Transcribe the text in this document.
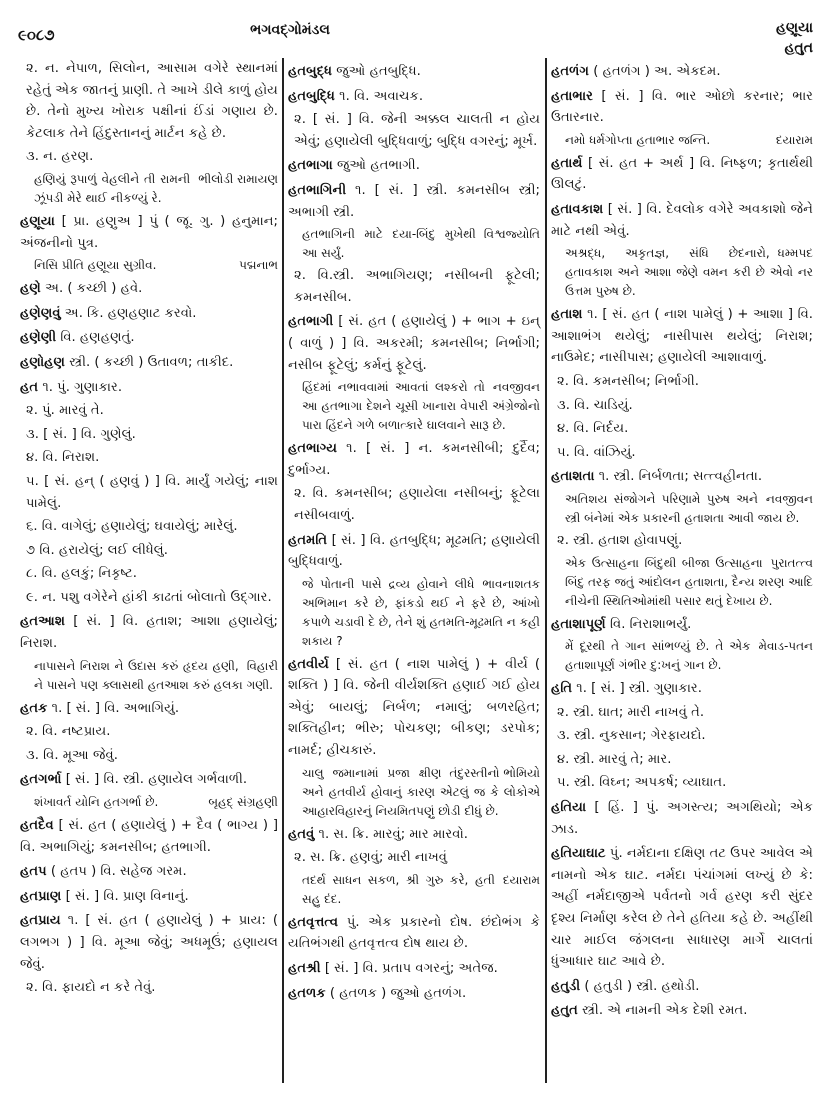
૯૦૮૭	ભગવદ્ગોમંડલ	હણૂયા
હતુત
૨. ન. નેપાળ, સિલોન, આસામ વગેરે સ્થાનમાં રહેતું એક જાતનું પ્રાણી. તે આખે ડીલે કાળું હોય છે. તેનો મુખ્ય ખોરાક પક્ષીનાં ઈંડાં ગણાય છે. કેટલાક તેને હિંદુસ્તાનનું માર્ટન કહે છે.
૩. ન. હરણ.
ભીલોડી રામાયણ
હણિયું રૂપાળું વેહલીને તી રામની ઝૂંપડી મેરે થાઈ નીકળ્યું રે.
હણૂયા [ પ્રા. હણુઅ ] પું ( જૂ. ગુ. ) હનુમાન; અંજનીનો પુત્ર.
પદ્મનાભ
નિસિ પ્રીતિ હણૂયા સુગ્રીવ.
હણે અ. ( કચ્છી ) હવે.
હણેણવું અ. કિ. હણહણાટ કરવો.
હણેણી વિ. હણહણતું.
હણોહણ સ્ત્રી. ( કચ્છી ) ઉતાવળ; તાકીદ.
હત ૧. પું. ગુણાકાર.
૨. પું. મારવું તે.
૩. [ સં. ] વિ. ગુણેલું.
૪. વિ. નિરાશ.
૫. [ સં. હન્ ( હણવું ) ] વિ. માર્યું ગયેલું; નાશ પામેલું.
૬. વિ. વાગેલું; હણાયેલું; ઘવાયેલું; મારેલું.
૭ વિ. હરાયેલું; લઈ લીધેલું.
૮. વિ. હલકું; નિકૃષ્ટ.
૯. ન. પશુ વગેરેને હાંકી કાઢતાં બોલાતો ઉદ્ગાર.
હતઆશ [ સં. ] વિ. હતાશ; આશા હણાયેલું; નિરાશ.
વિહારી
નાપાસને નિરાશ ને ઉદાસ કરું હૃદય હણી, ને પાસને પણ ક્લાસથી હતઆશ કરું હલકા ગણી.
હતક ૧. [ સં. ] વિ. અભાગિયું.
૨. વિ. નષ્ટપ્રાય.
૩. વિ. મૂઆ જેવું.
હતગર્ભા [ સં. ] વિ. સ્ત્રી. હણાયેલ ગર્ભવાળી.
બૃહદ્ સંગ્રહણી
શંખાવર્ત યોનિ હતગર્ભા છે.
હતદૈવ [ સં. હત ( હણાયેલું ) + દૈવ ( ભાગ્ય ) ] વિ. અભાગિયું; કમનસીબ; હતભાગી.
હતપ ( હતપ ) વિ. સહેજ ગરમ.
હતપ્રાણ [ સં. ] વિ. પ્રાણ વિનાનું.
હતપ્રાય ૧. [ સં. હત ( હણાયેલું ) + પ્રાય: ( લગભગ ) ] વિ. મૂઆ જેવું; અધમૂઉં; હણાયલ જેવું.
૨. વિ. ફાયદો ન કરે તેવું.
હતબુદ્ધ જુઓ હતબુદ્ધિ.
હતબુદ્ધિ ૧. વિ. અવાચક.
૨. [ સં. ] વિ. જેની અક્કલ ચાલતી ન હોય એવું; હણાયેલી બુદ્ધિવાળું; બુદ્ધિ વગરનું; મૂર્ખ.
હતભાગા જુઓ હતભાગી.
હતભાગિની ૧. [ સં. ] સ્ત્રી. કમનસીબ સ્ત્રી; અભાગી સ્ત્રી.
વિશ્વજ્યોતિ
હતભાગિની માટે દયા-બિંદુ મુખેથી આ સર્યું.
૨. વિ.સ્ત્રી. અભાગિયણ; નસીબની ફૂટેલી; કમનસીબ.
હતભાગી [ સં. હત ( હણાયેલું ) + ભાગ + ઇન્ ( વાળું ) ] વિ. અકરમી; કમનસીબ; નિર્ભાગી; નસીબ ફૂટેલું; કર્મનું ફૂટેલું.
નવજીવન
હિંદમાં નભાવવામાં આવતાં લશ્કરો તો આ હતભાગા દેશને ચૂસી ખાનારા વેપારી અંગ્રેજોનો પારા હિંદને ગળે બળાત્કારે ઘાલવાને સારૂ છે.
હતભાગ્ય ૧. [ સં. ] ન. કમનસીબી; દુર્દૈવ; દુર્ભાગ્ય.
૨. વિ. કમનસીબ; હણાયેલા નસીબનું; ફૂટેલા નસીબવાળું.
હતમતિ [ સં. ] વિ. હતબુદ્ધિ; મૂઢમતિ; હણાયેલી બુદ્ધિવાળું.
ભાવનાશતક
જે પોતાની પાસે દ્રવ્ય હોવાને લીધે અભિમાન કરે છે, ફાંકડો થઈ ને ફરે છે, આંખો કપાળે ચડાવી દે છે, તેને શું હતમતિ-મૂઢમતિ ન કહી શકાય ?
હતવીર્ય [ સં. હત ( નાશ પામેલું ) + વીર્ય ( શક્તિ ) ] વિ. જેની વીર્યશક્તિ હણાઈ ગઈ હોય એવું; બાયલું; નિર્બળ; નમાલું; બળરહિત; શક્તિહીન; ભીરુ; પોચકણ; બીકણ; ડરપોક; નામર્દ; હીચકારું.
તંદુરસ્તીનો ભોમિયો
ચાલુ જમાનામાં પ્રજા ક્ષીણ અને હતવીર્ય હોવાનું કારણ એટલું જ કે લોકોએ આહારવિહારનું નિયમિતપણું છોડી દીધું છે.
હતવું ૧. સ. ક્રિ. મારવું; માર મારવો.
૨. સ. ક્રિ. હણવું; મારી નાખવું
દયારામ
તદર્થ સાધન સકળ, શ્રી ગુરુ કરે, હતી સહુ દંદ.
હતવૃત્તત્વ પું. એક પ્રકારનો દોષ. છંદોભંગ કે યતિભંગથી હતવૃત્તત્વ દોષ થાય છે.
હતશ્રી [ સં. ] વિ. પ્રતાપ વગરનું; અતેજ.
હતળક ( હતળક ) જુઓ હતળંગ.
હતળંગ ( હતળંગ ) અ. એકદમ.
હતાભાર [ સં. ] વિ. ભાર ઓછો કરનાર; ભાર ઉતારનાર.
દયારામ
નમો ધર્મગોપ્તા હતાભાર જન્તિ.
હતાર્થ [ સં. હત + અર્થ ] વિ. નિષ્ફળ; કૃતાર્થથી ઊલટું.
હતાવકાશ [ સં. ] વિ. દેવલોક વગેરે અવકાશો જેને માટે નથી એવું.
ધમ્મપદ
અશ્રદ્ધ, અકૃતજ્ઞ, સંધિ છેદનારો, હતાવકાશ અને આશા જેણે વમન કરી છે એવો નર ઉત્તમ પુરુષ છે.
હતાશ ૧. [ સં. હત ( નાશ પામેલું ) + આશા ] વિ. આશાભંગ થયેલું; નાસીપાસ થયેલું; નિરાશ; નાઉમેદ; નાસીપાસ; હણાયેલી આશાવાળું.
૨. વિ. કમનસીબ; નિર્ભાગી.
૩. વિ. ચાડિયું.
૪. વિ. નિર્દય.
૫. વિ. વાંઝિયું.
હતાશતા ૧. સ્ત્રી. નિર્બળતા; સત્ત્વહીનતા.
નવજીવન
અતિશય સંજોગને પરિણામે પુરુષ અને સ્ત્રી બંનેમાં એક પ્રકારની હતાશતા આવી જાય છે.
૨. સ્ત્રી. હતાશ હોવાપણું.
પુરાતત્ત્વ
એક ઉત્સાહના બિંદુથી બીજા ઉત્સાહના બિંદુ તરફ જતું આંદોલન હતાશતા, દૈન્ય શરણ આદિ નીચેની સ્થિતિઓમાંથી પસાર થતું દેખાય છે.
હતાશાપૂર્ણ વિ. નિરાશાભર્યું.
મેવાડ-પતન
મેં દૂરથી તે ગાન સાંભળ્યું છે. તે એક હતાશાપૂર્ણ ગંભીર દુ:ખનું ગાન છે.
હતિ ૧. [ સં. ] સ્ત્રી. ગુણાકાર.
૨. સ્ત્રી. ઘાત; મારી નાખવું તે.
૩. સ્ત્રી. નુકસાન; ગેરફાયદો.
૪. સ્ત્રી. મારવું તે; માર.
૫. સ્ત્રી. વિઘ્ન; અપકર્ષ; વ્યાઘાત.
હતિયા [ હિં. ] પું. અગસ્ત્ય; અગથિયો; એક ઝાડ.
હતિયાઘાટ પું. નર્મદાના દક્ષિણ તટ ઉપર આવેલ એ નામનો એક ઘાટ. નર્મદા પંચાંગમાં લખ્યું છે કે: અહીં નર્મદાજીએ પર્વતનો ગર્વ હરણ કરી સુંદર દૃશ્ય નિર્માણ કરેલ છે તેને હતિયા કહે છે. અહીંથી ચાર માઈલ જંગલના સાધારણ માર્ગે ચાલતાં ધુંઆધાર ઘાટ આવે છે.
હતુડી ( હતુડી ) સ્ત્રી. હથોડી.
હતુત સ્ત્રી. એ નામની એક દેશી રમત.
